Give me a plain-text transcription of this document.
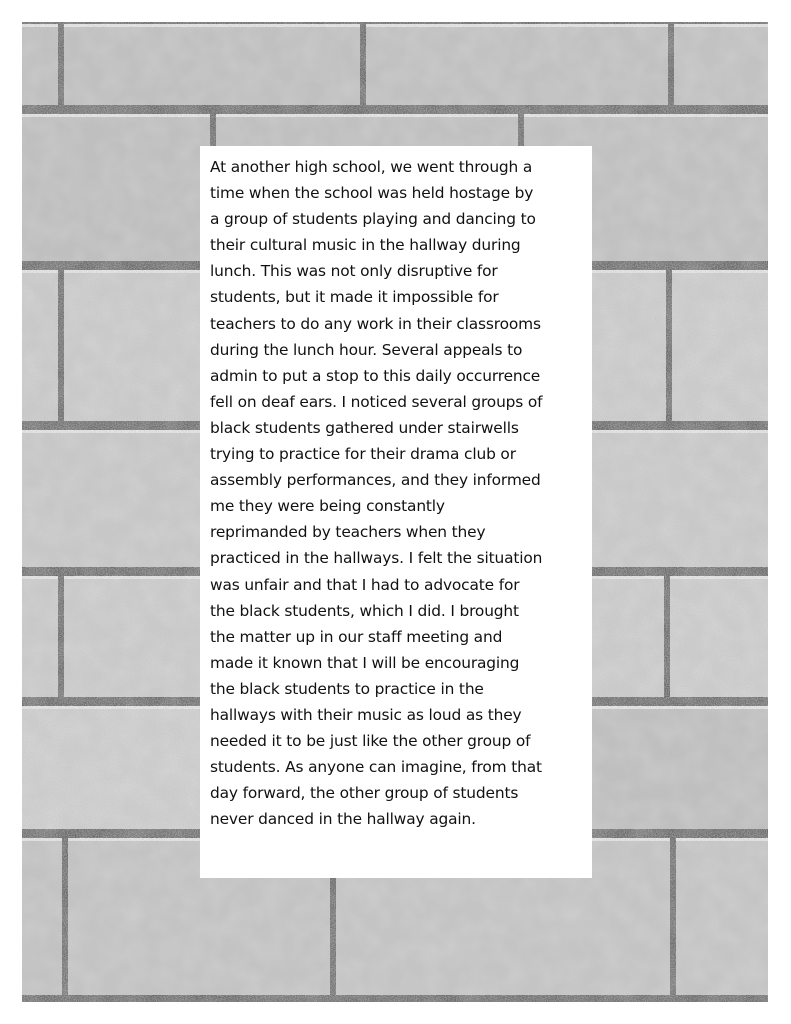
At another high school, we went through a
time when the school was held hostage by
a group of students playing and dancing to
their cultural music in the hallway during
lunch. This was not only disruptive for
students, but it made it impossible for
teachers to do any work in their classrooms
during the lunch hour. Several appeals to
admin to put a stop to this daily occurrence
fell on deaf ears. I noticed several groups of
black students gathered under stairwells
trying to practice for their drama club or
assembly performances, and they informed
me they were being constantly
reprimanded by teachers when they
practiced in the hallways. I felt the situation
was unfair and that I had to advocate for
the black students, which I did. I brought
the matter up in our staff meeting and
made it known that I will be encouraging
the black students to practice in the
hallways with their music as loud as they
needed it to be just like the other group of
students. As anyone can imagine, from that
day forward, the other group of students
never danced in the hallway again.
